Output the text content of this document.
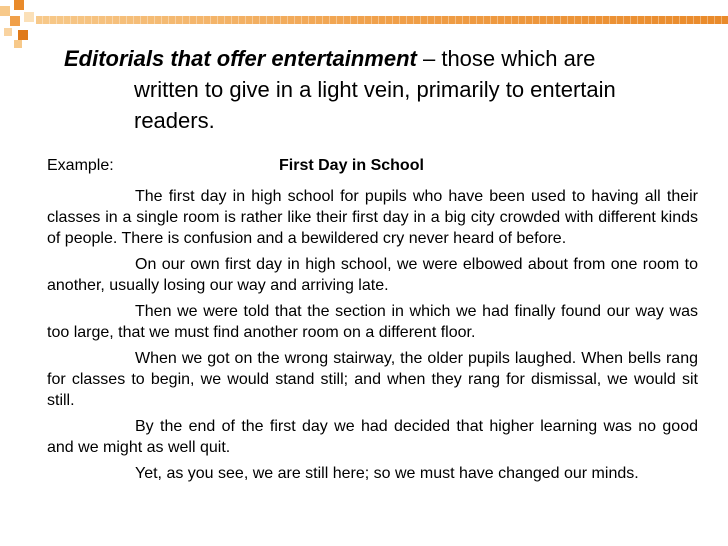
Editorials that offer entertainment – those which are
written to give in a light vein, primarily to entertain
readers.
Example:	First Day in School

The first day in high school for pupils who have been used to having all their classes in a single room is rather like their first day in a big city crowded with different kinds of people. There is confusion and a bewildered cry never heard of before.

On our own first day in high school, we were elbowed about from one room to another, usually losing our way and arriving late.

Then we were told that the section in which we had finally found our way was too large, that we must find another room on a different floor.

When we got on the wrong stairway, the older pupils laughed. When bells rang for classes to begin, we would stand still; and when they rang for dismissal, we would sit still.

By the end of the first day we had decided that higher learning was no good and we might as well quit.

Yet, as you see, we are still here; so we must have changed our minds.
